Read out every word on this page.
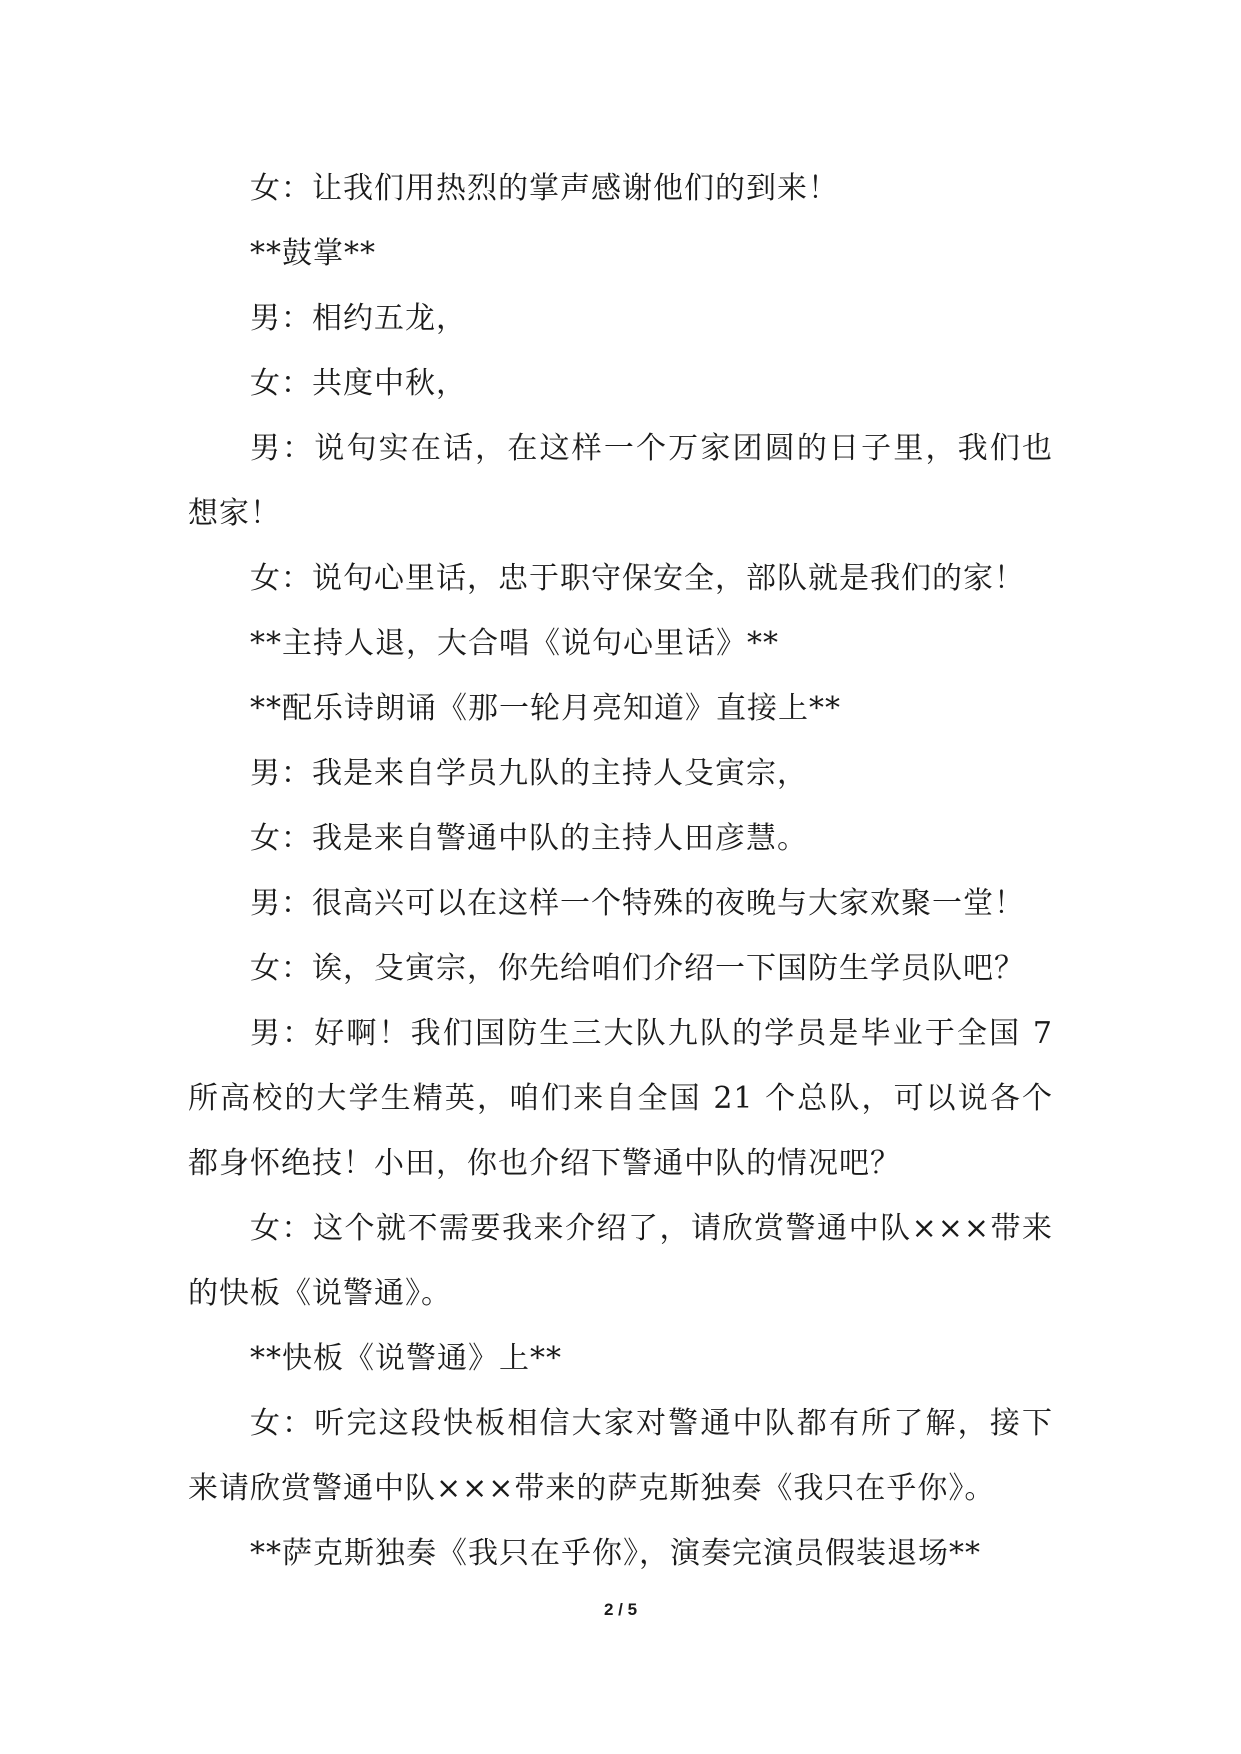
女：让我们用热烈的掌声感谢他们的到来！

**鼓掌**

男：相约五龙，

女：共度中秋，

男：说句实在话，在这样一个万家团圆的日子里，我们也想家！

女：说句心里话，忠于职守保安全，部队就是我们的家！

**主持人退，大合唱《说句心里话》**

**配乐诗朗诵《那一轮月亮知道》直接上**

男：我是来自学员九队的主持人殳寅宗，

女：我是来自警通中队的主持人田彦慧。

男：很高兴可以在这样一个特殊的夜晚与大家欢聚一堂！

女：诶，殳寅宗，你先给咱们介绍一下国防生学员队吧？

男：好啊！我们国防生三大队九队的学员是毕业于全国 7 所高校的大学生精英，咱们来自全国 21 个总队，可以说各个都身怀绝技！小田，你也介绍下警通中队的情况吧？

女：这个就不需要我来介绍了，请欣赏警通中队×××带来的快板《说警通》。

**快板《说警通》上**

女：听完这段快板相信大家对警通中队都有所了解，接下来请欣赏警通中队×××带来的萨克斯独奏《我只在乎你》。

**萨克斯独奏《我只在乎你》，演奏完演员假装退场**

2 / 5
